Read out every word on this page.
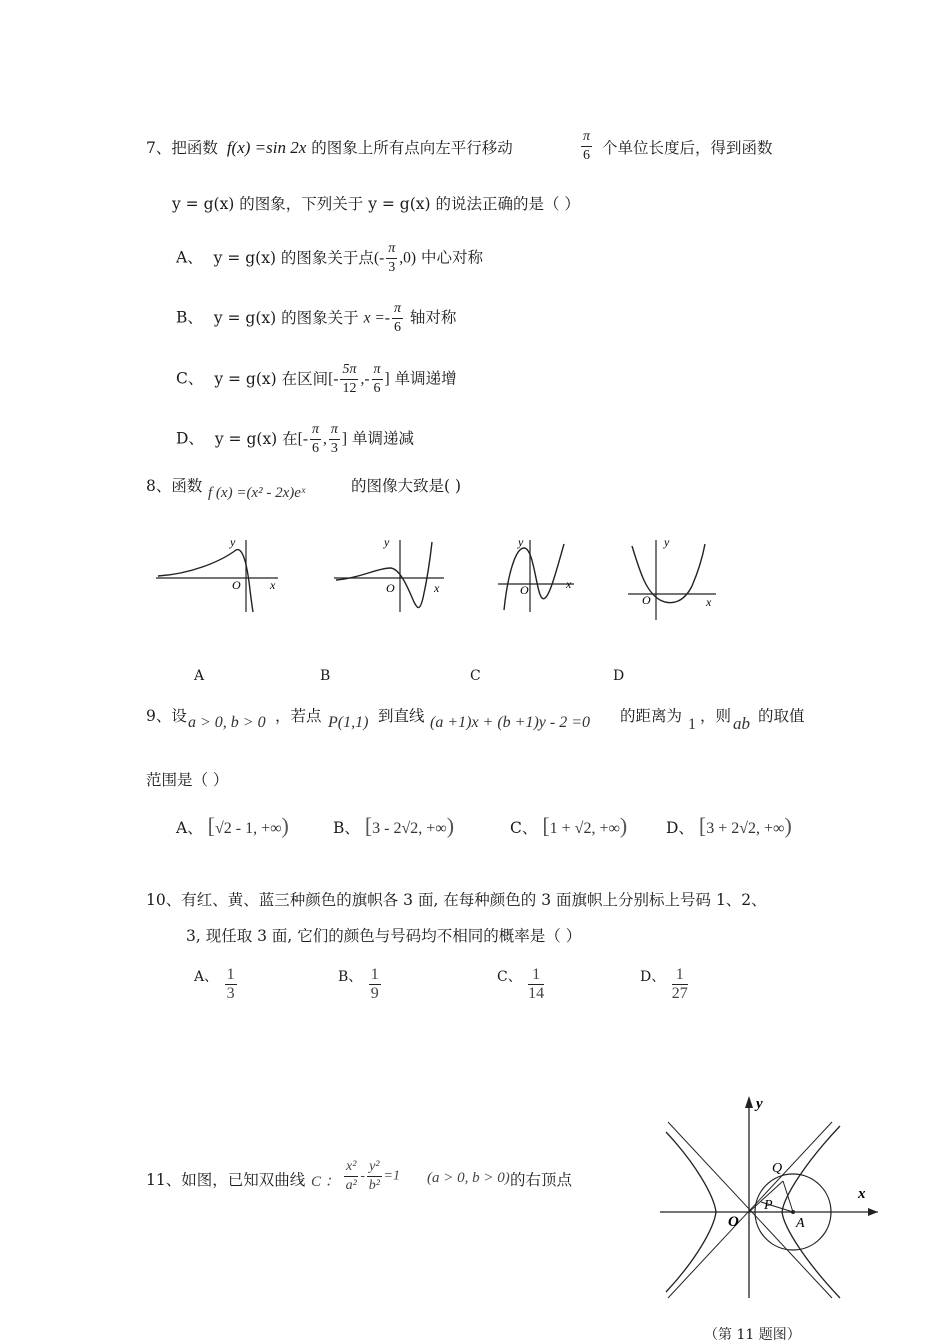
7、把函数 f(x) =sin 2x 的图象上所有点向左平行移动	$\frac{\pi}{6}$ 个单位长度后，得到函数
y = g(x) 的图象，下列关于 y = g(x) 的说法正确的是（ ）
A、 y = g(x) 的图象关于点(- $\frac{\pi}{3} ,0$) 中心对称
B、 y = g(x) 的图象关于 $x =- \frac{\pi}{6}$ 轴对称
C、 y = g(x) 在区间[- $\frac{5\pi}{12}$ ,- $\frac{\pi}{6}$ ] 单调递增
D、 y = g(x) 在[- $\frac{\pi}{6}$ , $\frac{\pi}{3}$ ] 单调递减
8、函数 f (x) =(x² - 2x)eˣ	的图像大致是( )
y
O x
y
O	x
y
O	x
y
O	x
A	B	C	D
9、设 a > 0, b > 0 ，若点 P(1,1) 到直线 (a +1)x + (b +1)y - 2 =0 的距离为 1 ，则 ab 的取值
范围是（ ）
A、 [√2 - 1, +∞)	B、 [3 - 2√2, +∞)	C、 [1 + √2, +∞)	D、 [3 + 2√2, +∞)
10、有红、黄、蓝三种颜色的旗帜各 3 面, 在每种颜色的 3 面旗帜上分别标上号码 1、2、
3, 现任取 3 面, 它们的颜色与号码均不相同的概率是（ ）
A、 $\frac{1}{3}$	B、 $\frac{1}{9}$	C、 $\frac{1}{14}$	D、 $\frac{1}{27}$
11、如图，已知双曲线 C ： $\frac{\text{x²}}{\text{a²}} - \frac{\text{y²}}{\text{b²}} =1$ (a > 0, b > 0) 的右顶点
y
x
O
Q
P
A
（第 11 题图）
